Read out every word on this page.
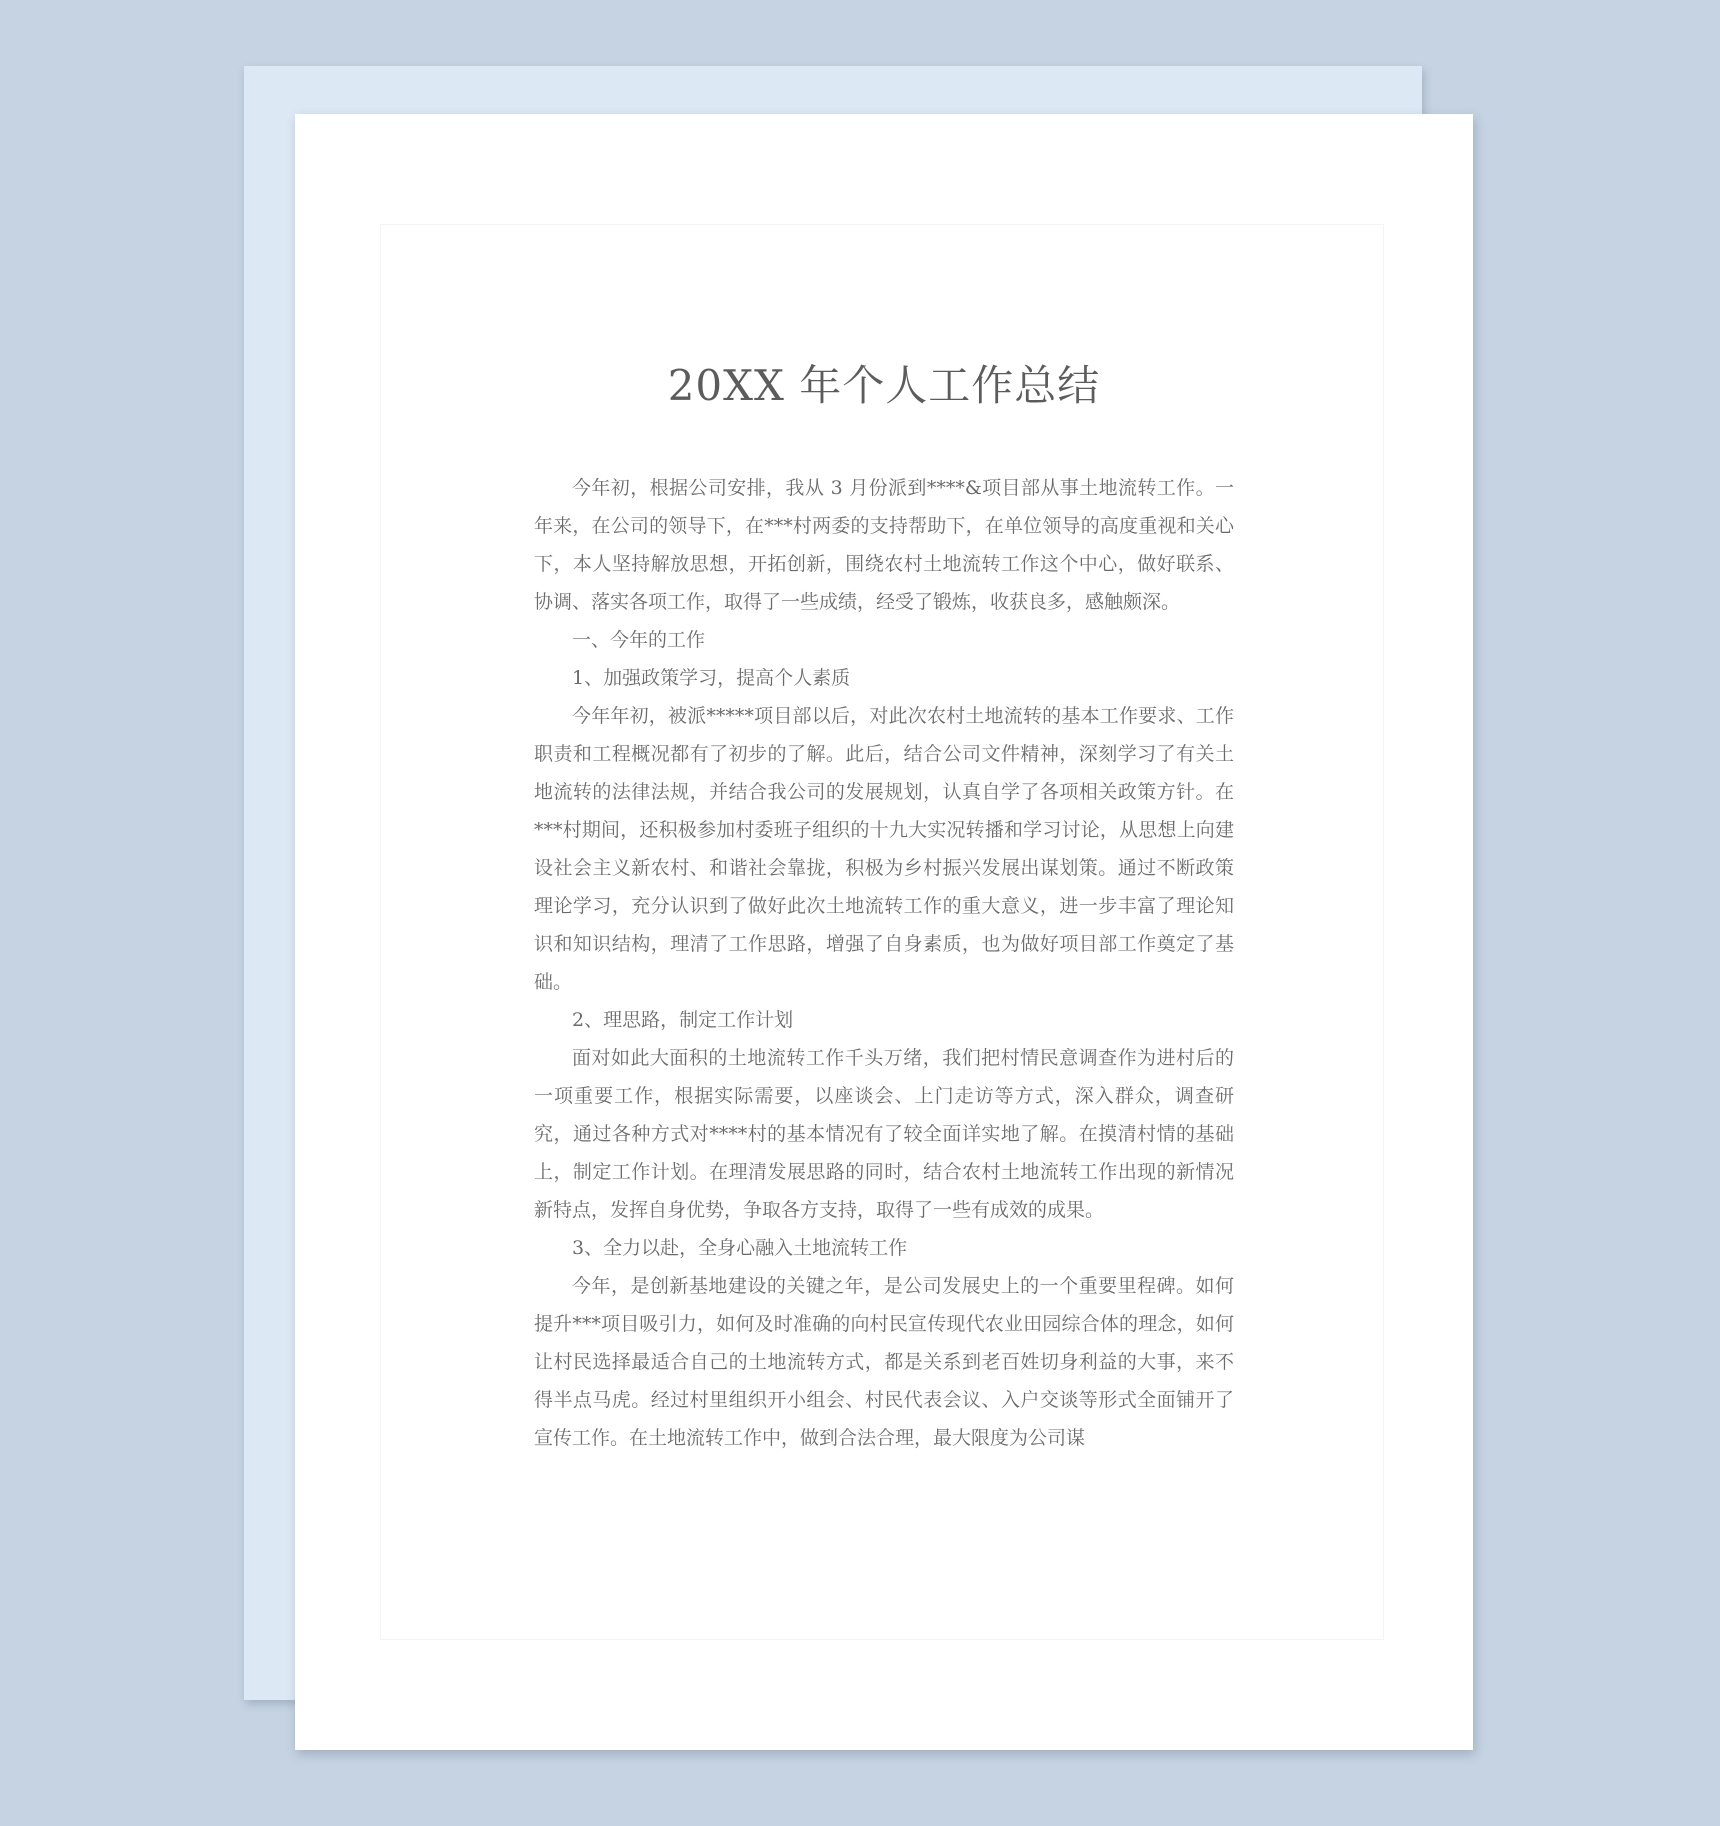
20XX 年个人工作总结

今年初，根据公司安排，我从 3 月份派到****&项目部从事土地流转工作。一年来，在公司的领导下，在***村两委的支持帮助下，在单位领导的高度重视和关心下，本人坚持解放思想，开拓创新，围绕农村土地流转工作这个中心，做好联系、协调、落实各项工作，取得了一些成绩，经受了锻炼，收获良多，感触颇深。

一、今年的工作

1、加强政策学习，提高个人素质

今年年初，被派*****项目部以后，对此次农村土地流转的基本工作要求、工作职责和工程概况都有了初步的了解。此后，结合公司文件精神，深刻学习了有关土地流转的法律法规，并结合我公司的发展规划，认真自学了各项相关政策方针。在***村期间，还积极参加村委班子组织的十九大实况转播和学习讨论，从思想上向建设社会主义新农村、和谐社会靠拢，积极为乡村振兴发展出谋划策。通过不断政策理论学习，充分认识到了做好此次土地流转工作的重大意义，进一步丰富了理论知识和知识结构，理清了工作思路，增强了自身素质，也为做好项目部工作奠定了基础。

2、理思路，制定工作计划

面对如此大面积的土地流转工作千头万绪，我们把村情民意调查作为进村后的一项重要工作，根据实际需要，以座谈会、上门走访等方式，深入群众，调查研究，通过各种方式对****村的基本情况有了较全面详实地了解。在摸清村情的基础上，制定工作计划。在理清发展思路的同时，结合农村土地流转工作出现的新情况新特点，发挥自身优势，争取各方支持，取得了一些有成效的成果。

3、全力以赴，全身心融入土地流转工作

今年，是创新基地建设的关键之年，是公司发展史上的一个重要里程碑。如何提升***项目吸引力，如何及时准确的向村民宣传现代农业田园综合体的理念，如何让村民选择最适合自己的土地流转方式，都是关系到老百姓切身利益的大事，来不得半点马虎。经过村里组织开小组会、村民代表会议、入户交谈等形式全面铺开了宣传工作。在土地流转工作中，做到合法合理，最大限度为公司谋
